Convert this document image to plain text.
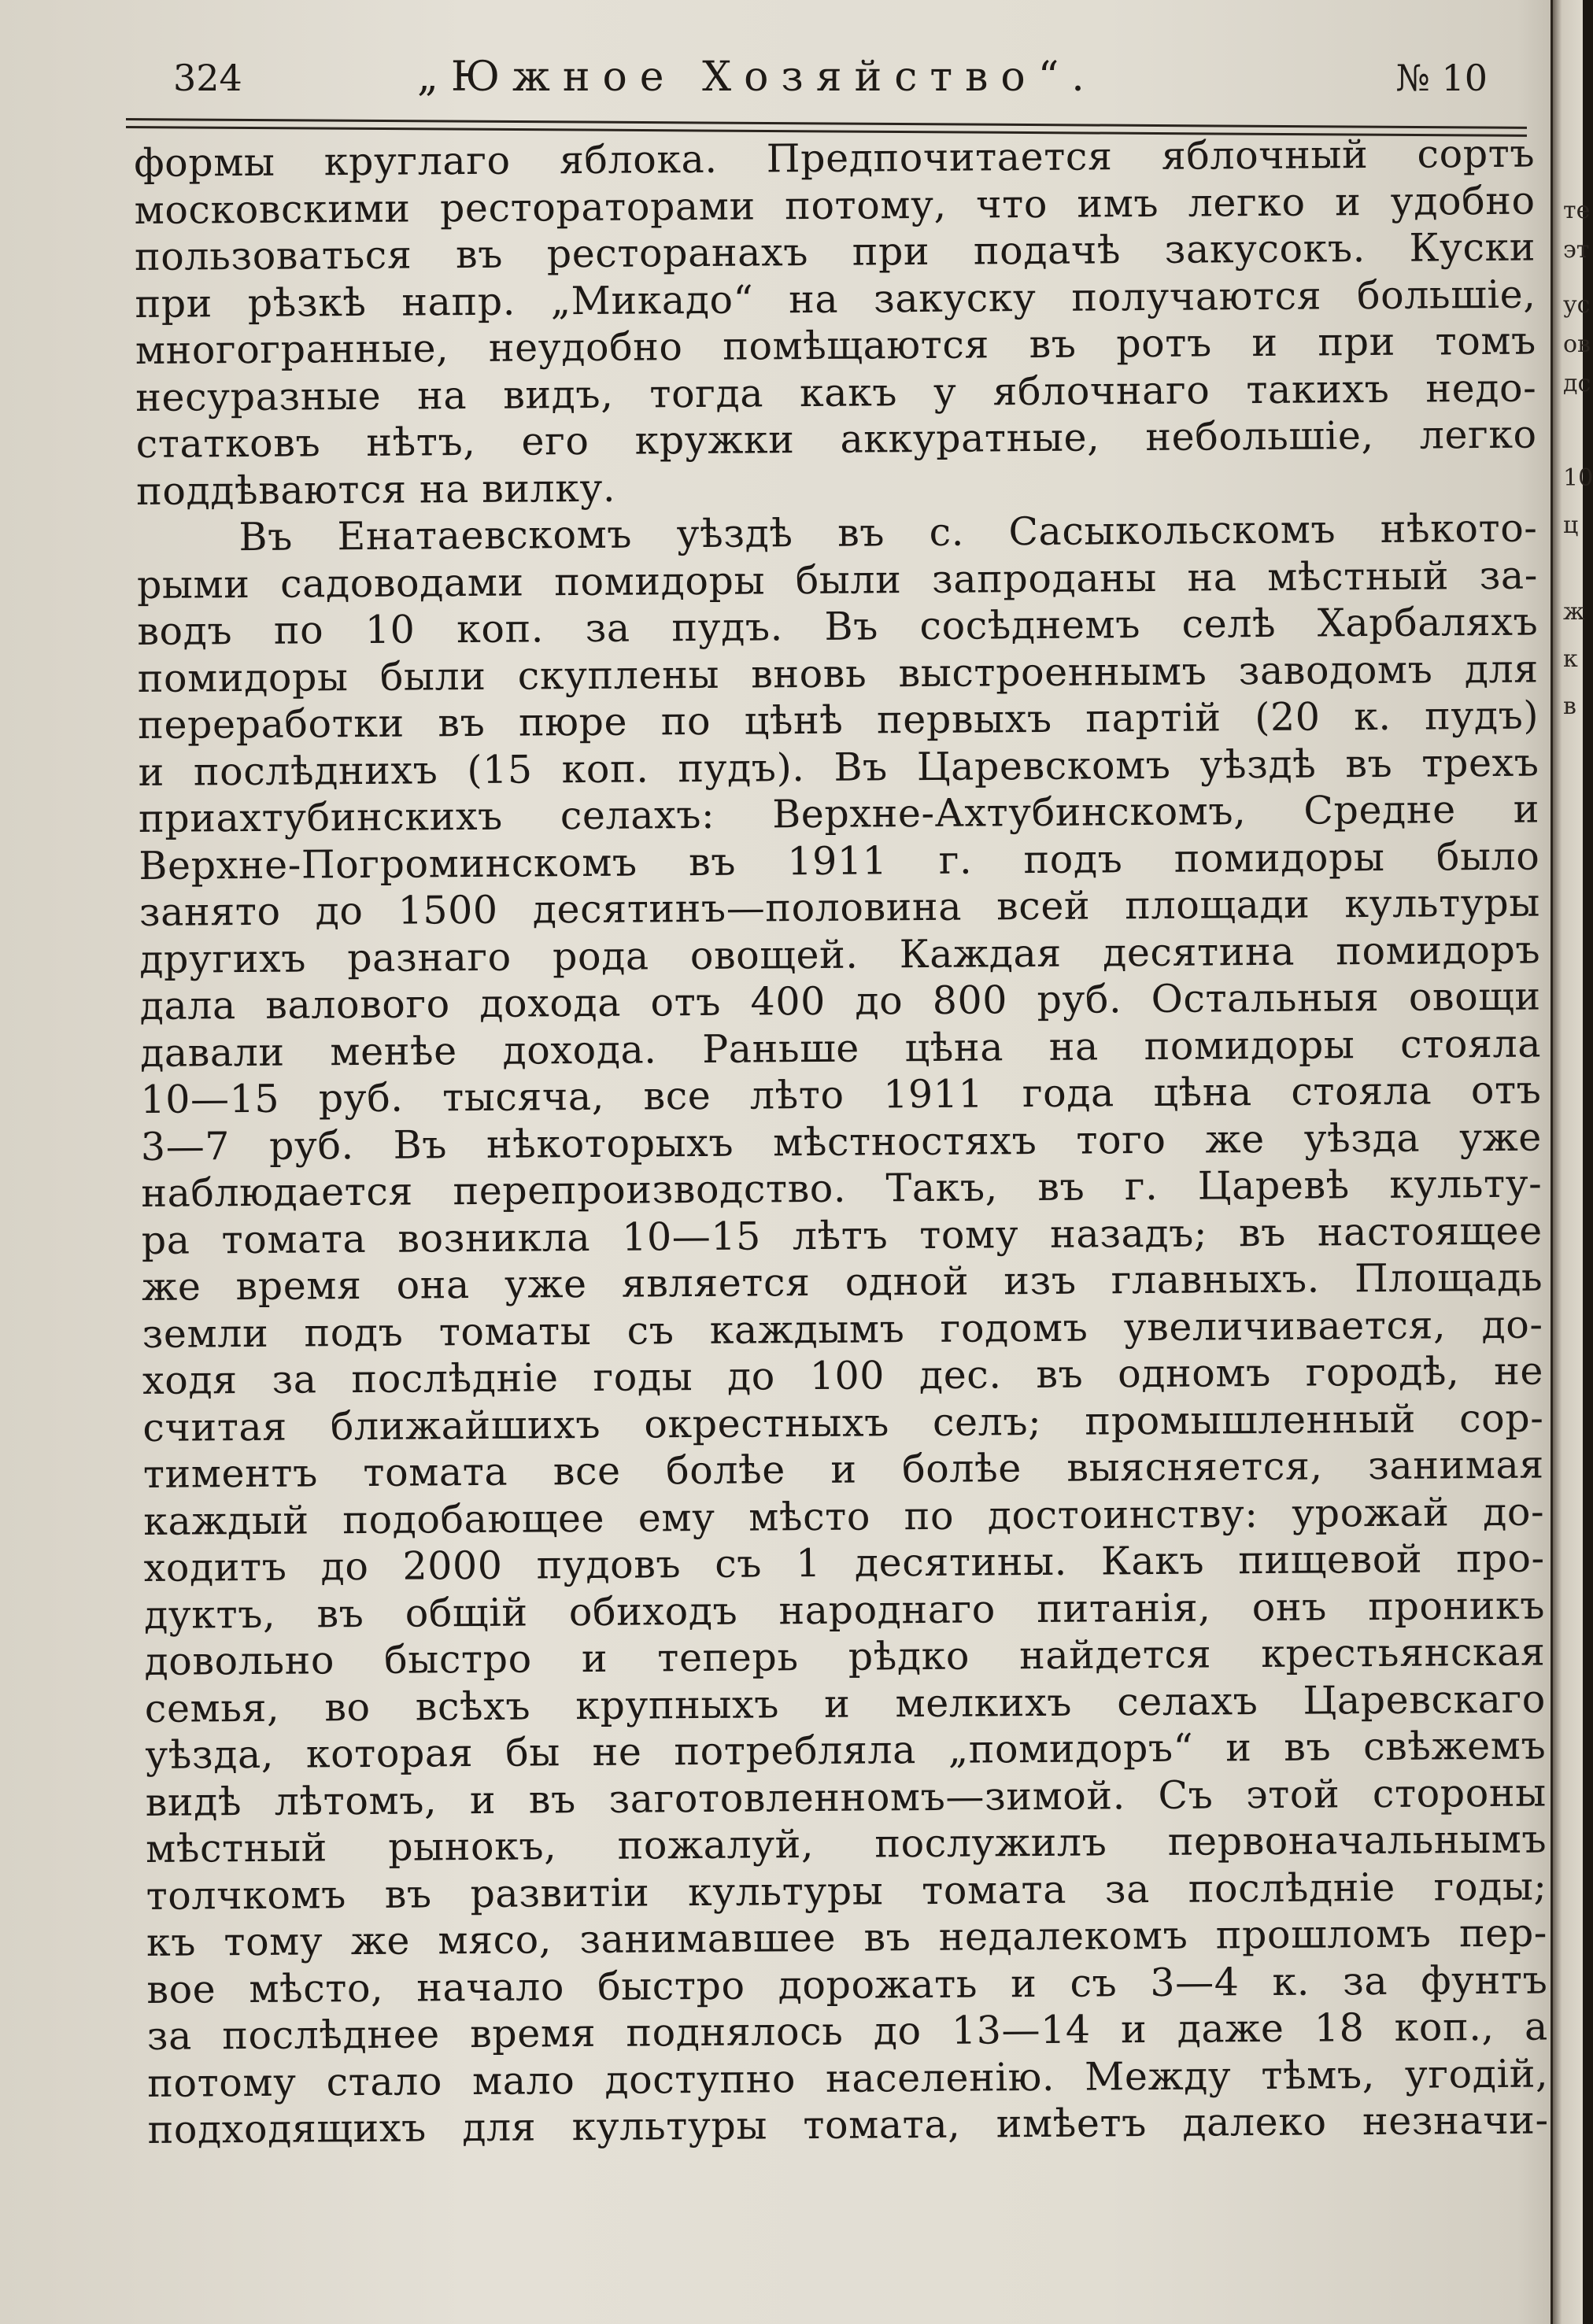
те
эт
ус
ов
дс
10
ц
ж
к
в
324	„Южное Хозяйство“.	№ 10
формы круглаго яблока. Предпочитается яблочный сортъ
московскими рестораторами потому, что имъ легко и удобно
пользоваться въ ресторанахъ при подачѣ закусокъ. Куски
при рѣзкѣ напр. „Микадо“ на закуску получаются большіе,
многогранные, неудобно помѣщаются въ ротъ и при томъ
несуразные на видъ, тогда какъ у яблочнаго такихъ недо-
статковъ нѣтъ, его кружки аккуратные, небольшіе, легко
поддѣваются на вилку.
Въ Енатаевскомъ уѣздѣ въ с. Сасыкольскомъ нѣкото-
рыми садоводами помидоры были запроданы на мѣстный за-
водъ по 10 коп. за пудъ. Въ сосѣднемъ селѣ Харбаляхъ
помидоры были скуплены вновь выстроеннымъ заводомъ для
переработки въ пюре по цѣнѣ первыхъ партій (20 к. пудъ)
и послѣднихъ (15 коп. пудъ). Въ Царевскомъ уѣздѣ въ трехъ
приахтубинскихъ селахъ: Верхне-Ахтубинскомъ, Средне и
Верхне-Погроминскомъ въ 1911 г. подъ помидоры было
занято до 1500 десятинъ—половина всей площади культуры
другихъ разнаго рода овощей. Каждая десятина помидоръ
дала валового дохода отъ 400 до 800 руб. Остальныя овощи
давали менѣе дохода. Раньше цѣна на помидоры стояла
10—15 руб. тысяча, все лѣто 1911 года цѣна стояла отъ
3—7 руб. Въ нѣкоторыхъ мѣстностяхъ того же уѣзда уже
наблюдается перепроизводство. Такъ, въ г. Царевѣ культу-
ра томата возникла 10—15 лѣтъ тому назадъ; въ настоящее
же время она уже является одной изъ главныхъ. Площадь
земли подъ томаты съ каждымъ годомъ увеличивается, до-
ходя за послѣдніе годы до 100 дес. въ одномъ городѣ, не
считая ближайшихъ окрестныхъ селъ; промышленный сор-
тиментъ томата все болѣе и болѣе выясняется, занимая
каждый подобающее ему мѣсто по достоинству: урожай до-
ходитъ до 2000 пудовъ съ 1 десятины. Какъ пищевой про-
дуктъ, въ общій обиходъ народнаго питанія, онъ проникъ
довольно быстро и теперь рѣдко найдется крестьянская
семья, во всѣхъ крупныхъ и мелкихъ селахъ Царевскаго
уѣзда, которая бы не потребляла „помидоръ“ и въ свѣжемъ
видѣ лѣтомъ, и въ заготовленномъ—зимой. Съ этой стороны
мѣстный рынокъ, пожалуй, послужилъ первоначальнымъ
толчкомъ въ развитіи культуры томата за послѣдніе годы;
къ тому же мясо, занимавшее въ недалекомъ прошломъ пер-
вое мѣсто, начало быстро дорожать и съ 3—4 к. за фунтъ
за послѣднее время поднялось до 13—14 и даже 18 коп., а
потому стало мало доступно населенію. Между тѣмъ, угодій,
подходящихъ для культуры томата, имѣетъ далеко незначи-
